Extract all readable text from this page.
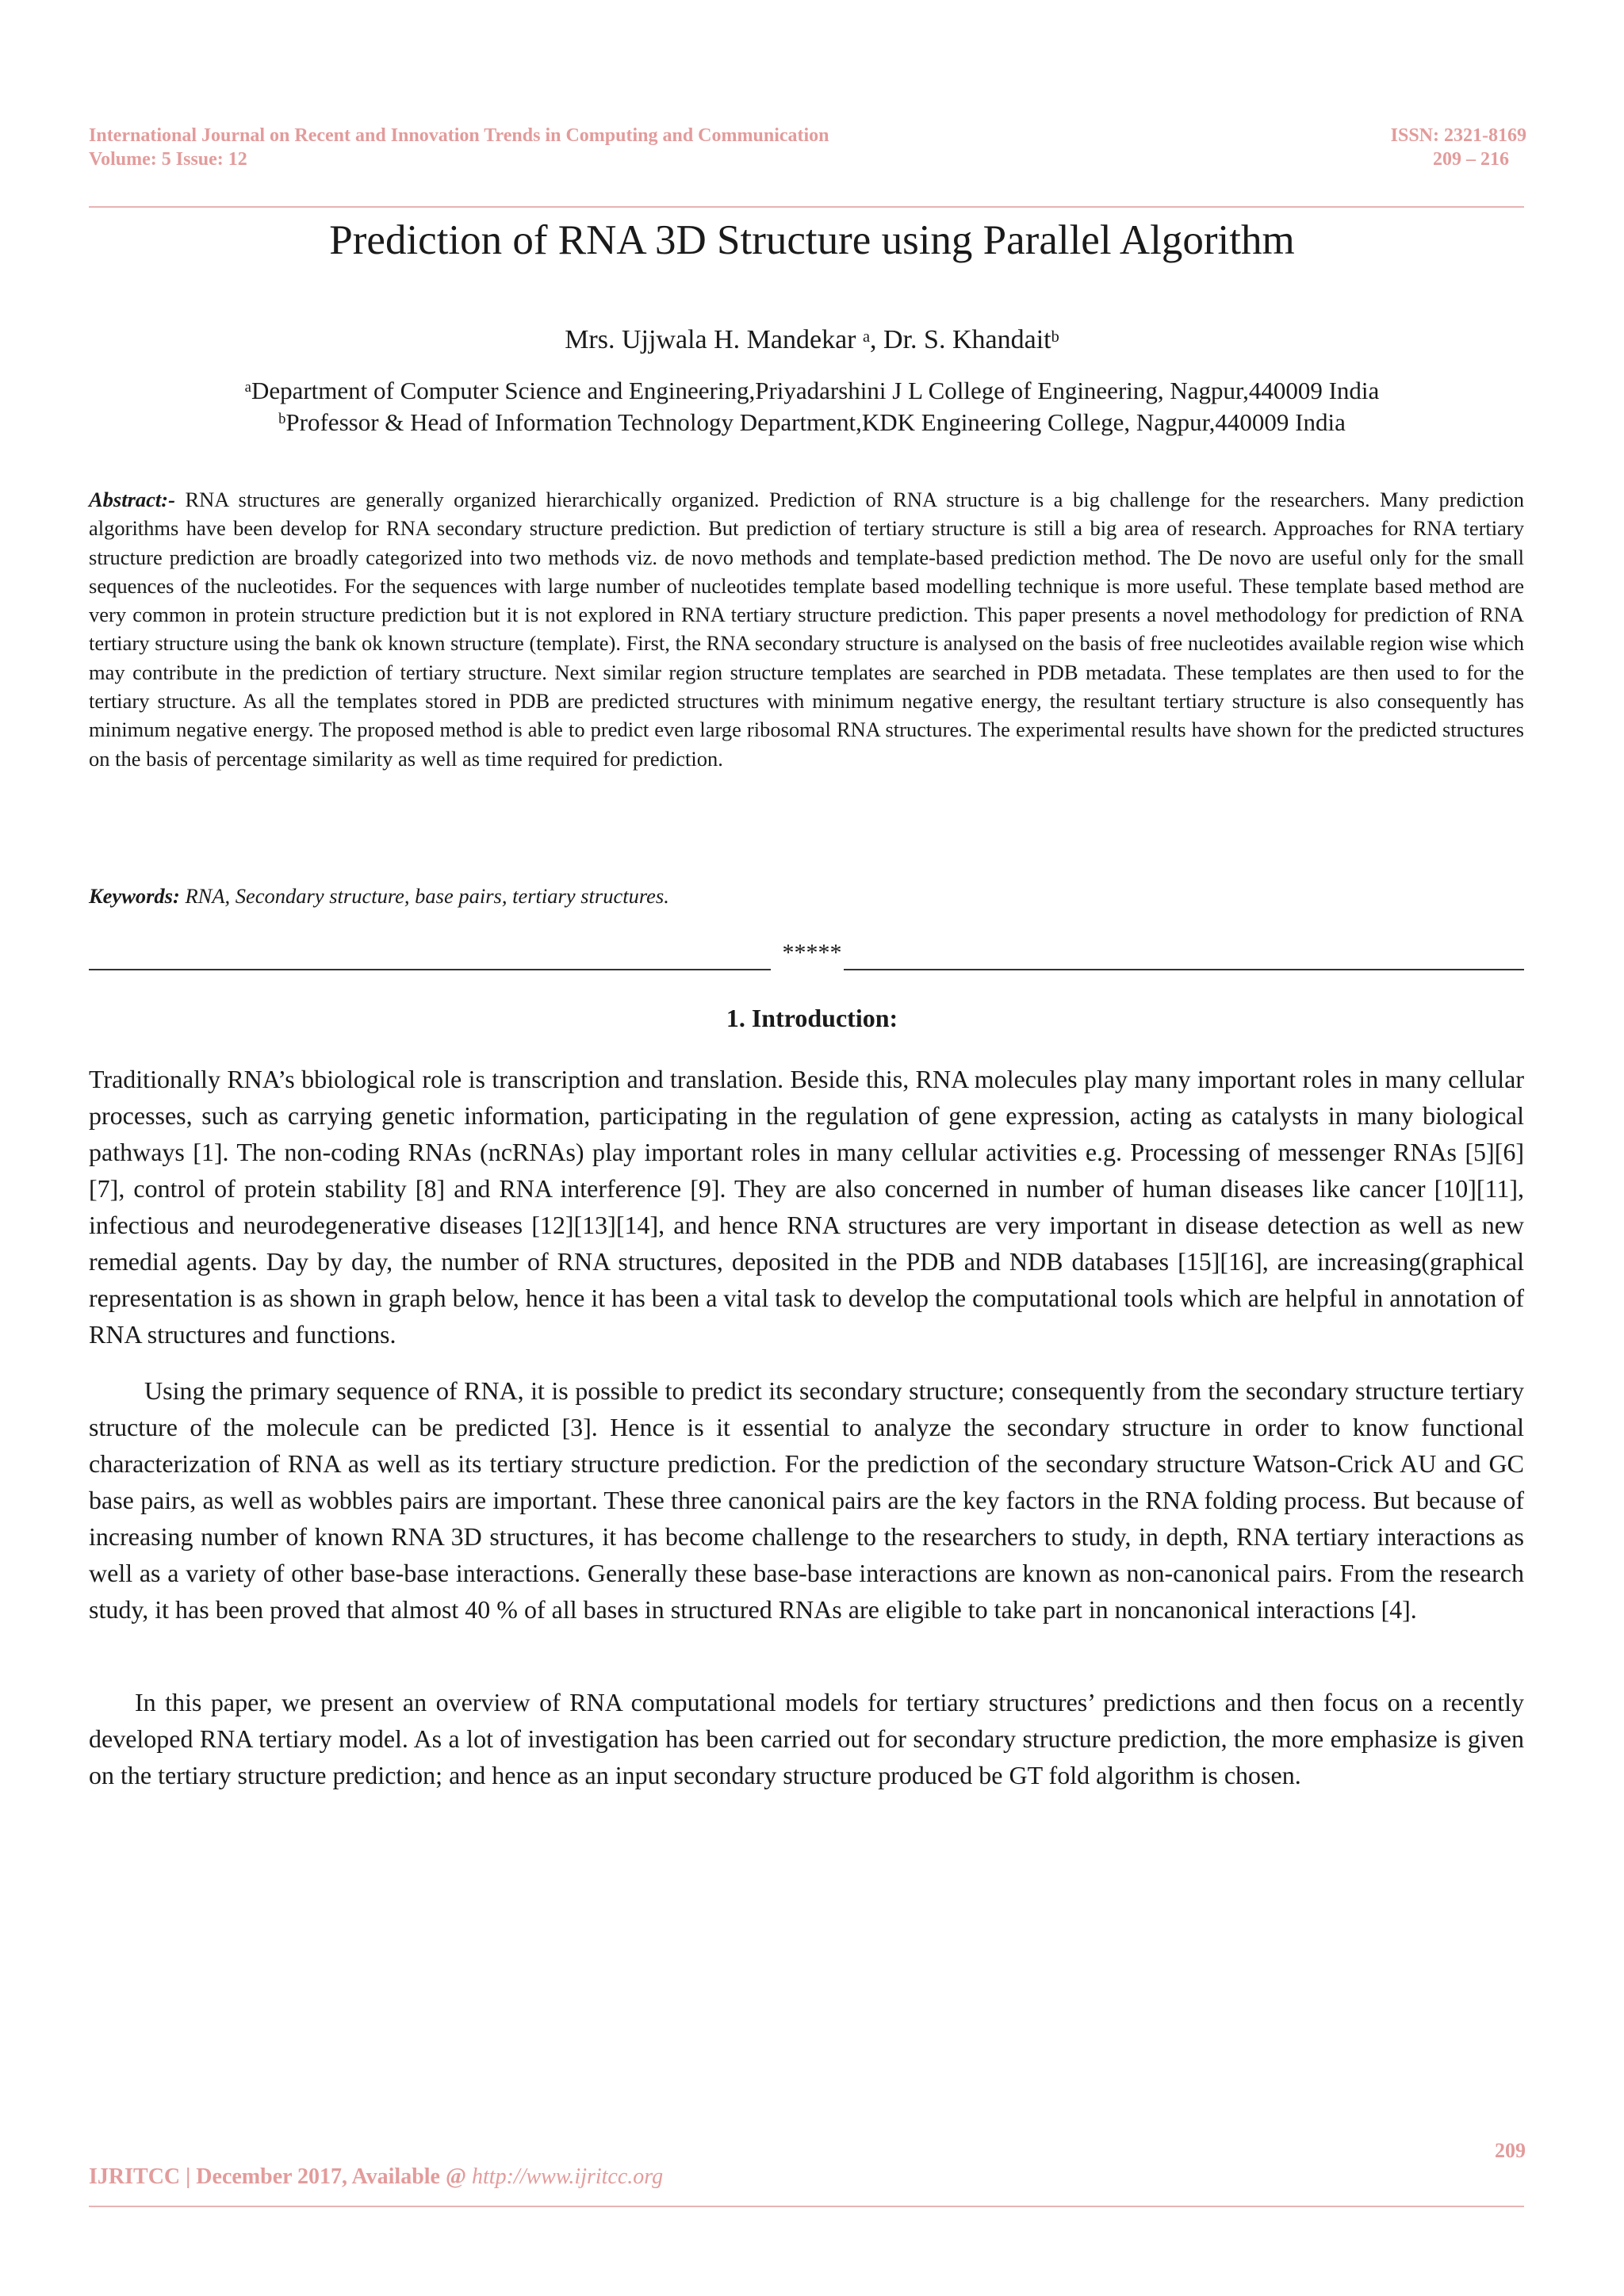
International Journal on Recent and Innovation Trends in Computing and Communication
Volume: 5 Issue: 12
ISSN: 2321-8169
209 – 216
Prediction of RNA 3D Structure using Parallel Algorithm
Mrs. Ujjwala H. Mandekar $^a$, Dr. S. Khandait$^b$
$^a$Department of Computer Science and Engineering,Priyadarshini J L College of Engineering, Nagpur,440009 India
$^b$Professor & Head of Information Technology Department,KDK Engineering College, Nagpur,440009 India
Abstract:- RNA structures are generally organized hierarchically organized. Prediction of RNA structure is a big challenge for the researchers. Many prediction algorithms have been develop for RNA secondary structure prediction. But prediction of tertiary structure is still a big area of research. Approaches for RNA tertiary structure prediction are broadly categorized into two methods viz. de novo methods and template-based prediction method. The De novo are useful only for the small sequences of the nucleotides. For the sequences with large number of nucleotides template based modelling technique is more useful. These template based method are very common in protein structure prediction but it is not explored in RNA tertiary structure prediction. This paper presents a novel methodology for prediction of RNA tertiary structure using the bank ok known structure (template). First, the RNA secondary structure is analysed on the basis of free nucleotides available region wise which may contribute in the prediction of tertiary structure. Next similar region structure templates are searched in PDB metadata. These templates are then used to for the tertiary structure. As all the templates stored in PDB are predicted structures with minimum negative energy, the resultant tertiary structure is also consequently has minimum negative energy. The proposed method is able to predict even large ribosomal RNA structures. The experimental results have shown for the predicted structures on the basis of percentage similarity as well as time required for prediction.
Keywords: RNA, Secondary structure, base pairs, tertiary structures.
*****
1. Introduction:
Traditionally RNA’s bbiological role is transcription and translation. Beside this, RNA molecules play many important roles in many cellular processes, such as carrying genetic information, participating in the regulation of gene expression, acting as catalysts in many biological pathways [1]. The non-coding RNAs (ncRNAs) play important roles in many cellular activities e.g. Processing of messenger RNAs [5][6][7], control of protein stability [8] and RNA interference [9]. They are also concerned in number of human diseases like cancer [10][11], infectious and neurodegenerative diseases [12][13][14], and hence RNA structures are very important in disease detection as well as new remedial agents. Day by day, the number of RNA structures, deposited in the PDB and NDB databases [15][16], are increasing(graphical representation is as shown in graph below, hence it has been a vital task to develop the computational tools which are helpful in annotation of RNA structures and functions.
Using the primary sequence of RNA, it is possible to predict its secondary structure; consequently from the secondary structure tertiary structure of the molecule can be predicted [3]. Hence is it essential to analyze the secondary structure in order to know functional characterization of RNA as well as its tertiary structure prediction. For the prediction of the secondary structure Watson-Crick AU and GC base pairs, as well as wobbles pairs are important. These three canonical pairs are the key factors in the RNA folding process. But because of increasing number of known RNA 3D structures, it has become challenge to the researchers to study, in depth, RNA tertiary interactions as well as a variety of other base-base interactions. Generally these base-base interactions are known as non-canonical pairs. From the research study, it has been proved that almost 40 % of all bases in structured RNAs are eligible to take part in noncanonical interactions [4].
In this paper, we present an overview of RNA computational models for tertiary structures’ predictions and then focus on a recently developed RNA tertiary model. As a lot of investigation has been carried out for secondary structure prediction, the more emphasize is given on the tertiary structure prediction; and hence as an input secondary structure produced be GT fold algorithm is chosen.
209
IJRITCC | December 2017, Available @ http://www.ijritcc.org
